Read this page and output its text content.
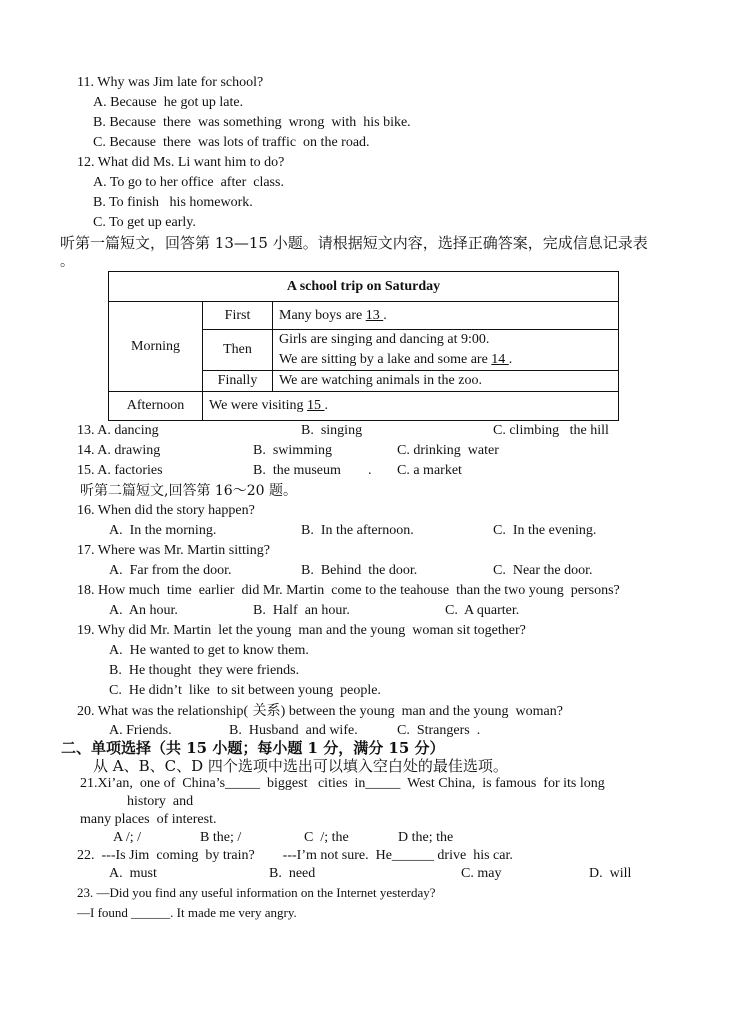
11. Why was Jim late for school?
A. Because  he got up late.
B. Because  there  was something  wrong  with  his bike.
C. Because  there  was lots of traffic  on the road.
12. What did Ms. Li want him to do?
A. To go to her office  after  class.
B. To finish   his homework.
C. To get up early.
听第一篇短文，回答第 13—15 小题。请根据短文内容，选择正确答案，完成信息记录表
。
A school trip on Saturday		
Morning	First	Many boys are 13 .
	Then	Girls are singing and dancing at 9:00.
We are sitting by a lake and some are 14 .

	Finally	We are watching animals in the zoo.
Afternoon	We were visiting 15 .	
13. A. dancing	B.  singing	C. climbing   the hill
14. A. drawing	B.  swimming	C. drinking  water
15. A. factories	B.  the museum . C. a market
听第二篇短文,回答第 16～20 题。
16. When did the story happen?
A.  In the morning.	B.  In the afternoon.	C.  In the evening.
17. Where was Mr. Martin sitting?
A.  Far from the door.	B.  Behind  the door.	C.  Near the door.
18. How much  time  earlier  did Mr. Martin  come to the teahouse  than the two young  persons?
A.  An hour.	B.  Half  an hour.	C.  A quarter.
19. Why did Mr. Martin  let the young  man and the young  woman sit together?
A.  He wanted to get to know them.
B.  He thought  they were friends.
C.  He didn’t  like  to sit between young  people.
20. What was the relationship( 关系) between the young  man and the young  woman?
A. Friends.	B.  Husband  and wife.	C.  Strangers  .
二、单项选择（共 15 小题；每小题 1 分，满分 15 分）
从 A、B、C、D 四个选项中选出可以填入空白处的最佳选项。
21.Xi’an,  one of  China’s_____  biggest   cities  in_____  West China,  is famous  for its long
history  and
many places  of interest.
A /; /	B the; /	C  /; the	D the; the
22.  ---Is Jim  coming  by train?        ---I’m not sure.  He______ drive  his car.
A.  must	B.  need	C. may	D.  will
23. —Did you find any useful information on the Internet yesterday?
—I found ______. It made me very angry.
